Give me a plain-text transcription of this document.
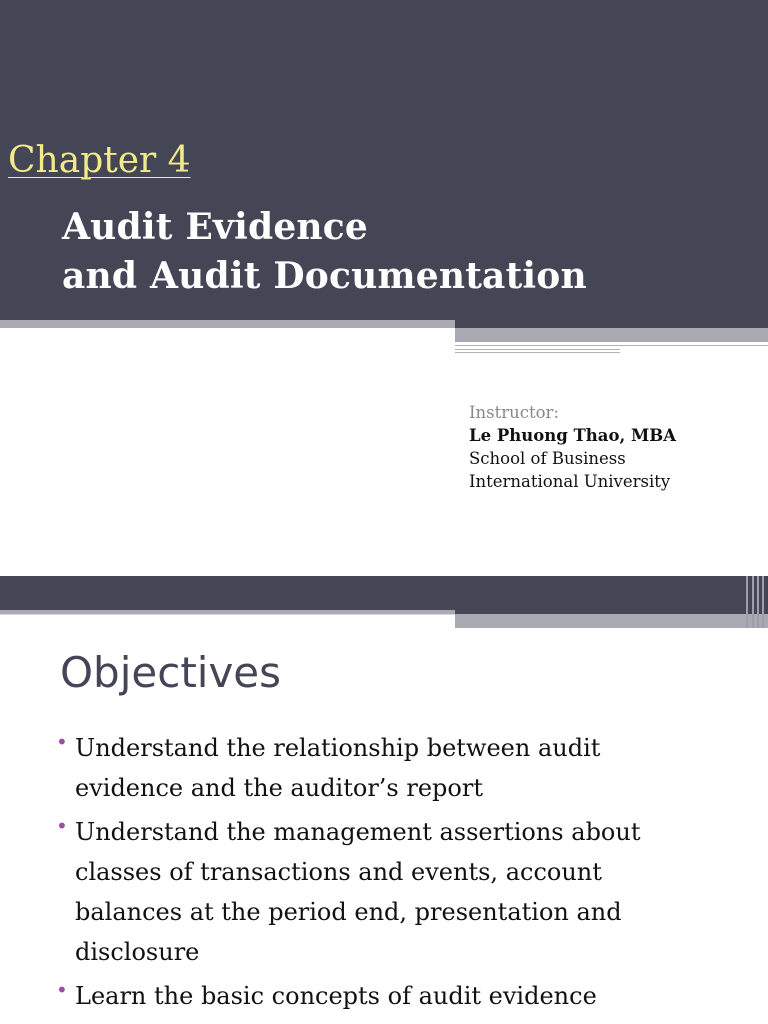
Chapter 4
Audit Evidence
and Audit Documentation
Instructor:
Le Phuong Thao, MBA
School of Business
International University
Objectives
• Understand the relationship between audit
evidence and the auditor’s report
• Understand the management assertions about
classes of transactions and events, account
balances at the period end, presentation and
disclosure
• Learn the basic concepts of audit evidence
